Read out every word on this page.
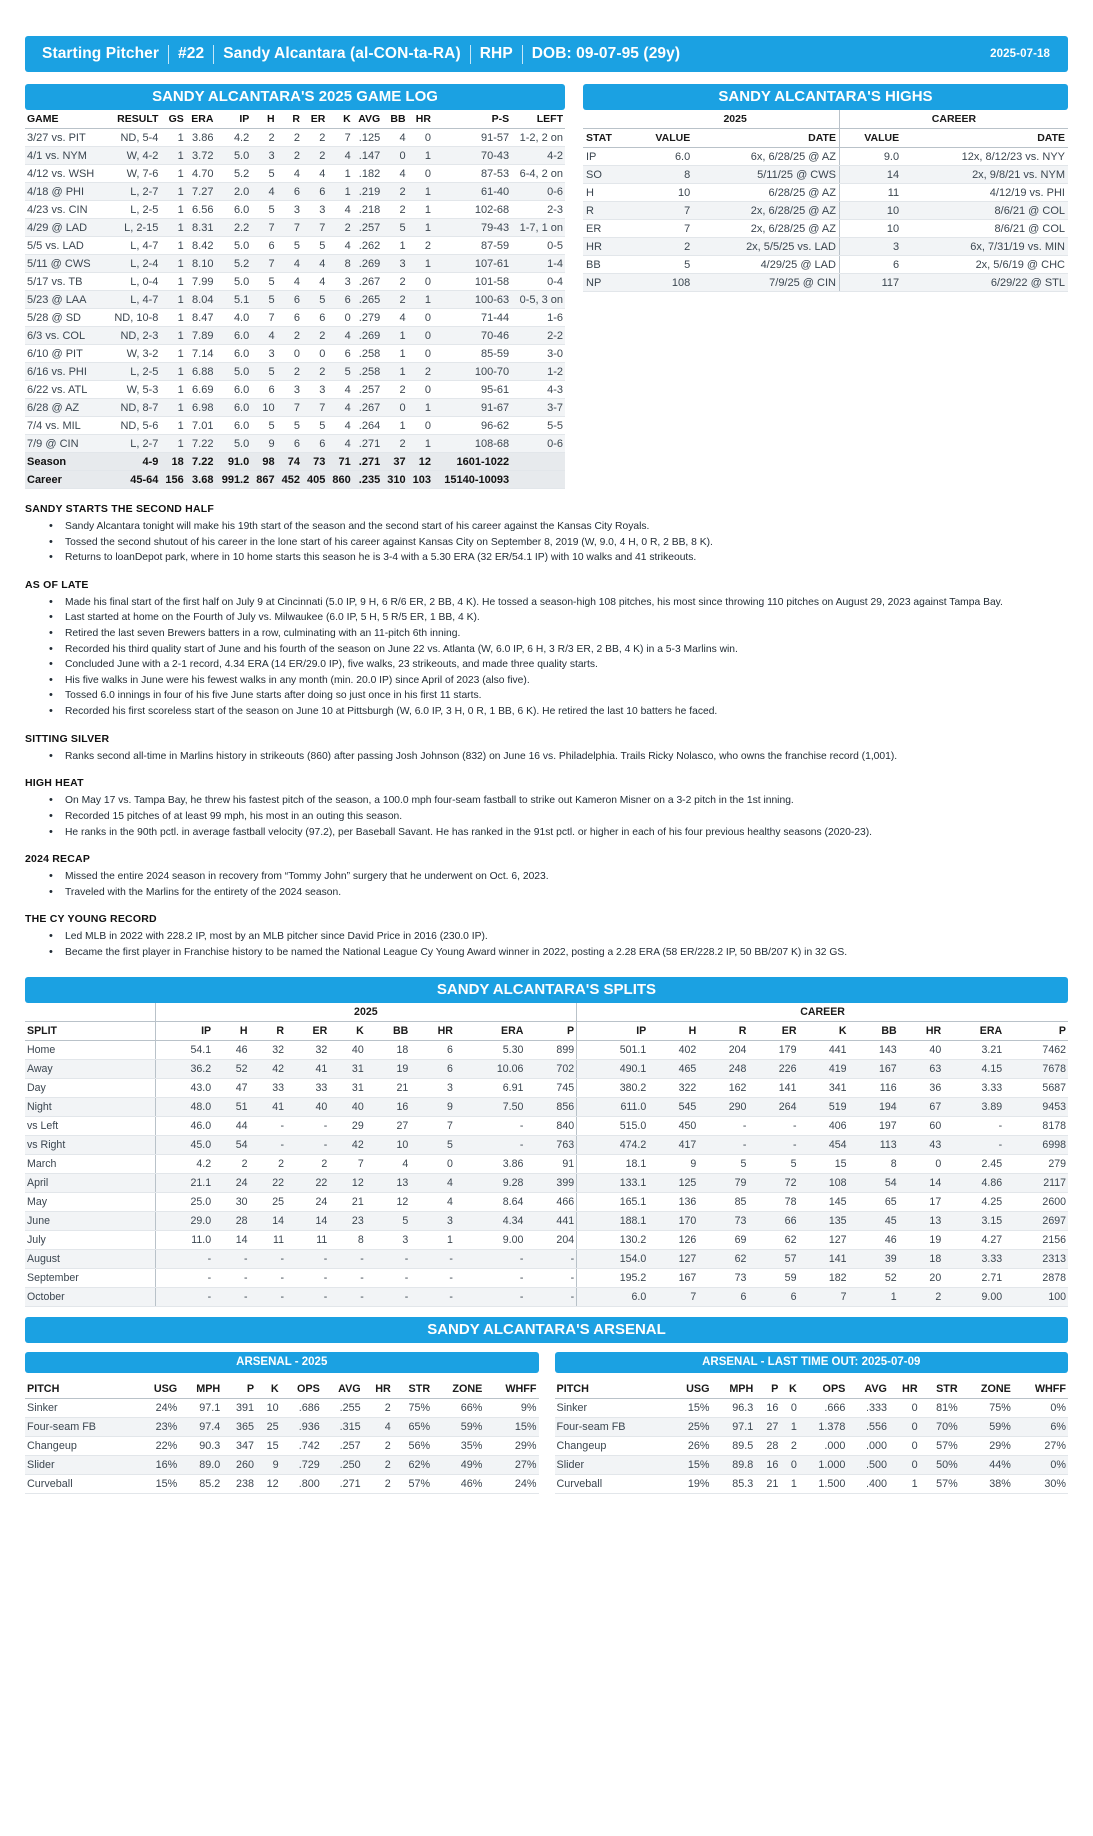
Starting Pitcher	#22	Sandy Alcantara (al-CON-ta-RA)	RHP	DOB: 09-07-95 (29y)	2025-07-18
SANDY ALCANTARA'S 2025 GAME LOG
GAME	RESULT	GS	ERA	IP	H	R	ER	K	AVG	BB	HR	P-S	LEFT
3/27 vs. PIT	ND, 5-4	1	3.86	4.2	2	2	2	7	.125	4	0	91-57	1-2, 2 on
4/1 vs. NYM	W, 4-2	1	3.72	5.0	3	2	2	4	.147	0	1	70-43	4-2
4/12 vs. WSH	W, 7-6	1	4.70	5.2	5	4	4	1	.182	4	0	87-53	6-4, 2 on
4/18 @ PHI	L, 2-7	1	7.27	2.0	4	6	6	1	.219	2	1	61-40	0-6
4/23 vs. CIN	L, 2-5	1	6.56	6.0	5	3	3	4	.218	2	1	102-68	2-3
4/29 @ LAD	L, 2-15	1	8.31	2.2	7	7	7	2	.257	5	1	79-43	1-7, 1 on
5/5 vs. LAD	L, 4-7	1	8.42	5.0	6	5	5	4	.262	1	2	87-59	0-5
5/11 @ CWS	L, 2-4	1	8.10	5.2	7	4	4	8	.269	3	1	107-61	1-4
5/17 vs. TB	L, 0-4	1	7.99	5.0	5	4	4	3	.267	2	0	101-58	0-4
5/23 @ LAA	L, 4-7	1	8.04	5.1	5	6	5	6	.265	2	1	100-63	0-5, 3 on
5/28 @ SD	ND, 10-8	1	8.47	4.0	7	6	6	0	.279	4	0	71-44	1-6
6/3 vs. COL	ND, 2-3	1	7.89	6.0	4	2	2	4	.269	1	0	70-46	2-2
6/10 @ PIT	W, 3-2	1	7.14	6.0	3	0	0	6	.258	1	0	85-59	3-0
6/16 vs. PHI	L, 2-5	1	6.88	5.0	5	2	2	5	.258	1	2	100-70	1-2
6/22 vs. ATL	W, 5-3	1	6.69	6.0	6	3	3	4	.257	2	0	95-61	4-3
6/28 @ AZ	ND, 8-7	1	6.98	6.0	10	7	7	4	.267	0	1	91-67	3-7
7/4 vs. MIL	ND, 5-6	1	7.01	6.0	5	5	5	4	.264	1	0	96-62	5-5
7/9 @ CIN	L, 2-7	1	7.22	5.0	9	6	6	4	.271	2	1	108-68	0-6
Season	4-9	18	7.22	91.0	98	74	73	71	.271	37	12	1601-1022	
Career	45-64	156	3.68	991.2	867	452	405	860	.235	310	103	15140-10093	
SANDY ALCANTARA'S HIGHS
	2025		CAREER	
STAT	VALUE	DATE	VALUE	DATE
IP	6.0	6x, 6/28/25 @ AZ	9.0	12x, 8/12/23 vs. NYY
SO	8	5/11/25 @ CWS	14	2x, 9/8/21 vs. NYM
H	10	6/28/25 @ AZ	11	4/12/19 vs. PHI
R	7	2x, 6/28/25 @ AZ	10	8/6/21 @ COL
ER	7	2x, 6/28/25 @ AZ	10	8/6/21 @ COL
HR	2	2x, 5/5/25 vs. LAD	3	6x, 7/31/19 vs. MIN
BB	5	4/29/25 @ LAD	6	2x, 5/6/19 @ CHC
NP	108	7/9/25 @ CIN	117	6/29/22 @ STL
SANDY STARTS THE SECOND HALF
• Sandy Alcantara tonight will make his 19th start of the season and the second start of his career against the Kansas City Royals.
• Tossed the second shutout of his career in the lone start of his career against Kansas City on September 8, 2019 (W, 9.0, 4 H, 0 R, 2 BB, 8 K).
• Returns to loanDepot park, where in 10 home starts this season he is 3-4 with a 5.30 ERA (32 ER/54.1 IP) with 10 walks and 41 strikeouts.
AS OF LATE
• Made his final start of the first half on July 9 at Cincinnati (5.0 IP, 9 H, 6 R/6 ER, 2 BB, 4 K). He tossed a season-high 108 pitches, his most since throwing 110 pitches on August 29, 2023 against Tampa Bay.
• Last started at home on the Fourth of July vs. Milwaukee (6.0 IP, 5 H, 5 R/5 ER, 1 BB, 4 K).
• Retired the last seven Brewers batters in a row, culminating with an 11-pitch 6th inning.
• Recorded his third quality start of June and his fourth of the season on June 22 vs. Atlanta (W, 6.0 IP, 6 H, 3 R/3 ER, 2 BB, 4 K) in a 5-3 Marlins win.
• Concluded June with a 2-1 record, 4.34 ERA (14 ER/29.0 IP), five walks, 23 strikeouts, and made three quality starts.
• His five walks in June were his fewest walks in any month (min. 20.0 IP) since April of 2023 (also five).
• Tossed 6.0 innings in four of his five June starts after doing so just once in his first 11 starts.
• Recorded his first scoreless start of the season on June 10 at Pittsburgh (W, 6.0 IP, 3 H, 0 R, 1 BB, 6 K). He retired the last 10 batters he faced.
SITTING SILVER
• Ranks second all-time in Marlins history in strikeouts (860) after passing Josh Johnson (832) on June 16 vs. Philadelphia. Trails Ricky Nolasco, who owns the franchise record (1,001).
HIGH HEAT
• On May 17 vs. Tampa Bay, he threw his fastest pitch of the season, a 100.0 mph four-seam fastball to strike out Kameron Misner on a 3-2 pitch in the 1st inning.
• Recorded 15 pitches of at least 99 mph, his most in an outing this season.
• He ranks in the 90th pctl. in average fastball velocity (97.2), per Baseball Savant. He has ranked in the 91st pctl. or higher in each of his four previous healthy seasons (2020-23).
2024 RECAP
• Missed the entire 2024 season in recovery from “Tommy John” surgery that he underwent on Oct. 6, 2023.
• Traveled with the Marlins for the entirety of the 2024 season.
THE CY YOUNG RECORD
• Led MLB in 2022 with 228.2 IP, most by an MLB pitcher since David Price in 2016 (230.0 IP).
• Became the first player in Franchise history to be named the National League Cy Young Award winner in 2022, posting a 2.28 ERA (58 ER/228.2 IP, 50 BB/207 K) in 32 GS.
SANDY ALCANTARA'S SPLITS
	2025									CAREER								
SPLIT	IP	H	R	ER	K	BB	HR	ERA	P	IP	H	R	ER	K	BB	HR	ERA	P
Home	54.1	46	32	32	40	18	6	5.30	899	501.1	402	204	179	441	143	40	3.21	7462
Away	36.2	52	42	41	31	19	6	10.06	702	490.1	465	248	226	419	167	63	4.15	7678
Day	43.0	47	33	33	31	21	3	6.91	745	380.2	322	162	141	341	116	36	3.33	5687
Night	48.0	51	41	40	40	16	9	7.50	856	611.0	545	290	264	519	194	67	3.89	9453
vs Left	46.0	44	-	-	29	27	7	-	840	515.0	450	-	-	406	197	60	-	8178
vs Right	45.0	54	-	-	42	10	5	-	763	474.2	417	-	-	454	113	43	-	6998
March	4.2	2	2	2	7	4	0	3.86	91	18.1	9	5	5	15	8	0	2.45	279
April	21.1	24	22	22	12	13	4	9.28	399	133.1	125	79	72	108	54	14	4.86	2117
May	25.0	30	25	24	21	12	4	8.64	466	165.1	136	85	78	145	65	17	4.25	2600
June	29.0	28	14	14	23	5	3	4.34	441	188.1	170	73	66	135	45	13	3.15	2697
July	11.0	14	11	11	8	3	1	9.00	204	130.2	126	69	62	127	46	19	4.27	2156
August	-	-	-	-	-	-	-	-	-	154.0	127	62	57	141	39	18	3.33	2313
September	-	-	-	-	-	-	-	-	-	195.2	167	73	59	182	52	20	2.71	2878
October	-	-	-	-	-	-	-	-	-	6.0	7	6	6	7	1	2	9.00	100
SANDY ALCANTARA'S ARSENAL
ARSENAL - 2025
PITCH	USG	MPH	P	K	OPS	AVG	HR	STR	ZONE	WHFF
Sinker	24%	97.1	391	10	.686	.255	2	75%	66%	9%
Four-seam FB	23%	97.4	365	25	.936	.315	4	65%	59%	15%
Changeup	22%	90.3	347	15	.742	.257	2	56%	35%	29%
Slider	16%	89.0	260	9	.729	.250	2	62%	49%	27%
Curveball	15%	85.2	238	12	.800	.271	2	57%	46%	24%
ARSENAL - LAST TIME OUT: 2025-07-09
PITCH	USG	MPH	P	K	OPS	AVG	HR	STR	ZONE	WHFF
Sinker	15%	96.3	16	0	.666	.333	0	81%	75%	0%
Four-seam FB	25%	97.1	27	1	1.378	.556	0	70%	59%	6%
Changeup	26%	89.5	28	2	.000	.000	0	57%	29%	27%
Slider	15%	89.8	16	0	1.000	.500	0	50%	44%	0%
Curveball	19%	85.3	21	1	1.500	.400	1	57%	38%	30%
